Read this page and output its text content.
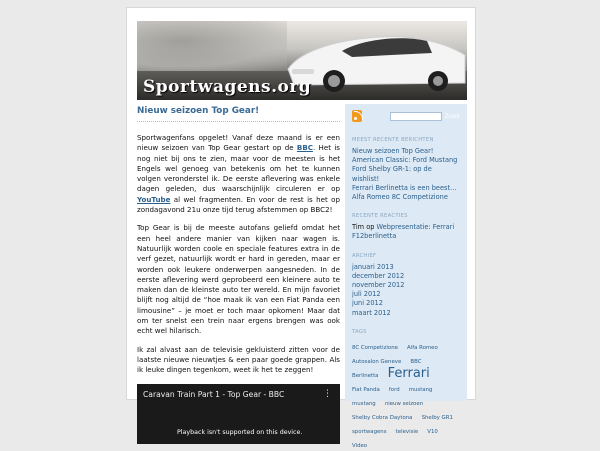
Sportwagens.org
Nieuw seizoen Top Gear!

Sportwagenfans opgelet! Vanaf deze maand is er een nieuw seizoen van Top Gear gestart op de BBC. Het is nog niet bij ons te zien, maar voor de meesten is het Engels wel genoeg van betekenis om het te kunnen volgen veronderstel ik. De eerste aflevering was enkele dagen geleden, dus waarschijnlijk circuleren er op YouTube al wel fragmenten. En voor de rest is het op zondagavond 21u onze tijd terug afstemmen op BBC2!

Top Gear is bij de meeste autofans geliefd omdat het een heel andere manier van kijken naar wagen is. Natuurlijk worden coole en speciale features extra in de verf gezet, natuurlijk wordt er hard in gereden, maar er worden ook leukere onderwerpen aangesneden. In de eerste aflevering werd geprobeerd een kleinere auto te maken dan de kleinste auto ter wereld. En mijn favoriet blijft nog altijd de “hoe maak ik van een Fiat Panda een limousine” – je moet er toch maar opkomen! Maar dat om ter snelst een trein naar ergens brengen was ook echt wel hilarisch.

Ik zal alvast aan de televisie gekluisterd zitten voor de laatste nieuwe nieuwtjes & een paar goede grappen. Als ik leuke dingen tegenkom, weet ik het te zeggen!

Caravan Train Part 1 - Top Gear - BBC	⋮
Playback isn't supported on this device.
Zoek
MEEST RECENTE BERICHTEN
Nieuw seizoen Top Gear!
American Classic: Ford Mustang
Ford Shelby GR-1: op de wishlist!
Ferrari Berlinetta is een beest…
Alfa Romeo 8C Competizione
RECENTE REACTIES
Tim op Webpresentatie: Ferrari F12berlinetta
ARCHIEF
januari 2013
december 2012
november 2012
juli 2012
juni 2012
maart 2012
TAGS
8C Competizione Alfa Romeo Autosalon Geneve BBC Berlinetta Ferrari Fiat Panda ford mustang mustang nieuw seizoen Shelby Cobra Daytona Shelby GR1 sportwagens televisie V10 Video
